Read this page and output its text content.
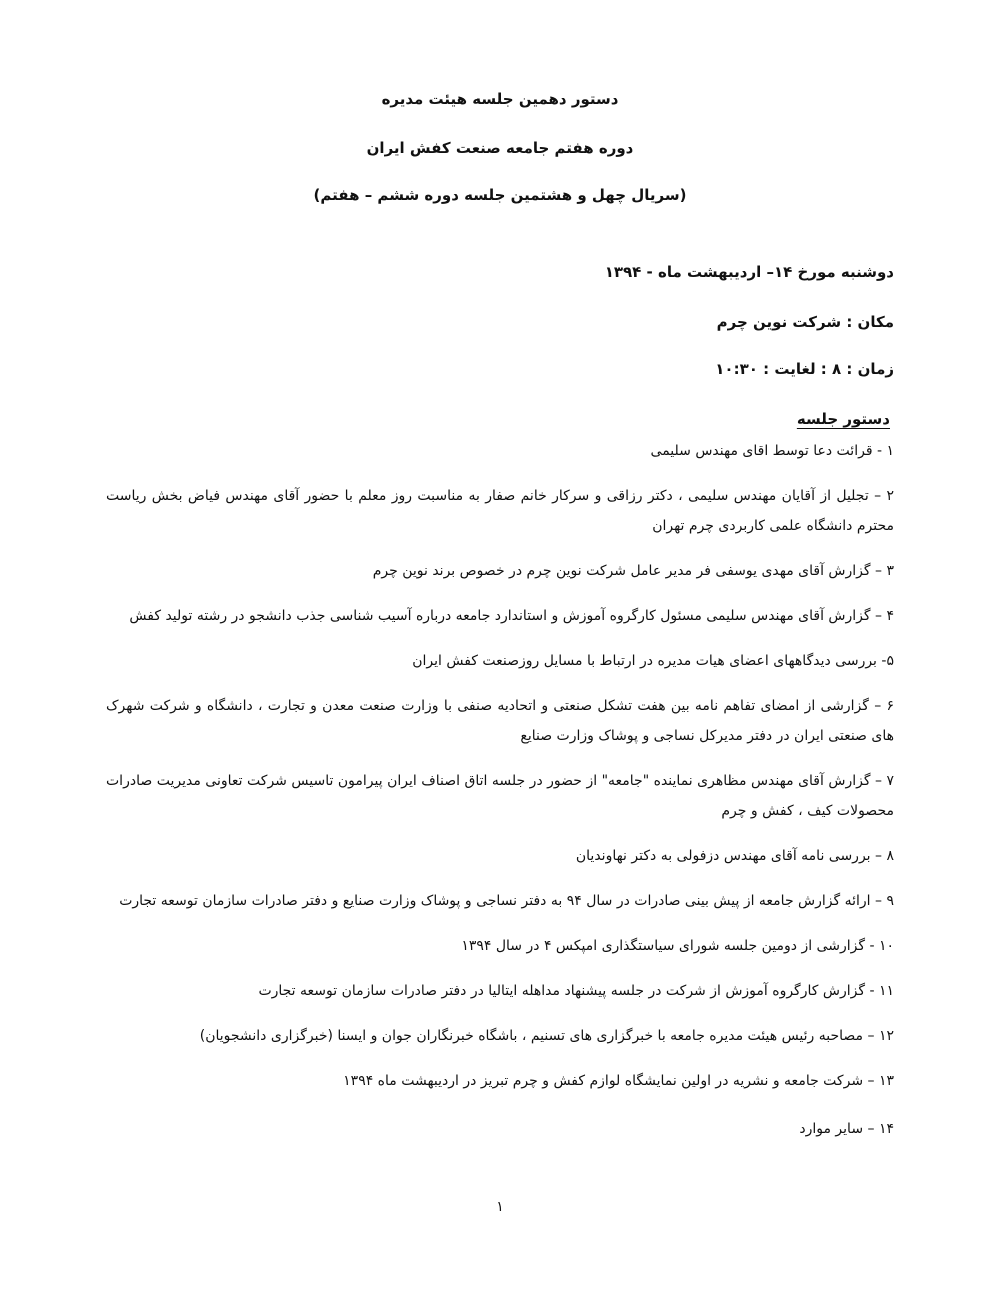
دستور دهمین جلسه هیئت مدیره
دوره هفتم جامعه صنعت کفش ایران
(سریال چهل و هشتمین جلسه دوره ششم – هفتم)
دوشنبه مورخ ۱۴– اردیبهشت ماه - ۱۳۹۴
مکان : شرکت نوین چرم
زمان : ۸ : لغایت : ۱۰:۳۰
دستور جلسه
۱ - قرائت دعا توسط اقای مهندس سلیمی
۲ – تجلیل از آقایان مهندس سلیمی ، دکتر رزاقی و سرکار خانم صفار به مناسبت روز معلم با حضور آقای مهندس فیاض بخش ریاست محترم دانشگاه علمی کاربردی چرم تهران
۳ – گزارش آقای مهدی یوسفی فر مدیر عامل شرکت نوین چرم در خصوص برند نوین چرم
۴ – گزارش آقای مهندس سلیمی مسئول کارگروه آموزش و استاندارد جامعه درباره آسیب شناسی جذب دانشجو در رشته تولید کفش
۵- بررسی دیدگاههای اعضای هیات مدیره در ارتباط با مسایل روزصنعت کفش ایران
۶ – گزارشی از امضای تفاهم نامه بین هفت تشکل صنعتی و اتحادیه صنفی با وزارت صنعت معدن و تجارت ، دانشگاه و شرکت شهرک های صنعتی ایران در دفتر مدیرکل نساجی و پوشاک وزارت صنایع
۷ – گزارش آقای مهندس مظاهری نماینده "جامعه" از حضور در جلسه اتاق اصناف ایران پیرامون تاسیس شرکت تعاونی مدیریت صادرات محصولات کیف ، کفش و چرم
۸ – بررسی نامه آقای مهندس دزفولی به دکتر نهاوندیان
۹ – ارائه گزارش جامعه از پیش بینی صادرات در سال ۹۴ به دفتر نساجی و پوشاک وزارت صنایع و دفتر صادرات سازمان توسعه تجارت
۱۰ - گزارشی از دومین جلسه شورای سیاستگذاری امپکس ۴ در سال ۱۳۹۴
۱۱ - گزارش کارگروه آموزش از شرکت در جلسه پیشنهاد مداهله ایتالیا در دفتر صادرات سازمان توسعه تجارت
۱۲ – مصاحبه رئیس هیئت مدیره جامعه با خبرگزاری های تسنیم ، باشگاه خبرنگاران جوان و ایسنا (خبرگزاری دانشجویان)
۱۳ – شرکت جامعه و نشریه در اولین نمایشگاه لوازم کفش و چرم تبریز در اردیبهشت ماه ۱۳۹۴
۱۴ – سایر موارد
۱
